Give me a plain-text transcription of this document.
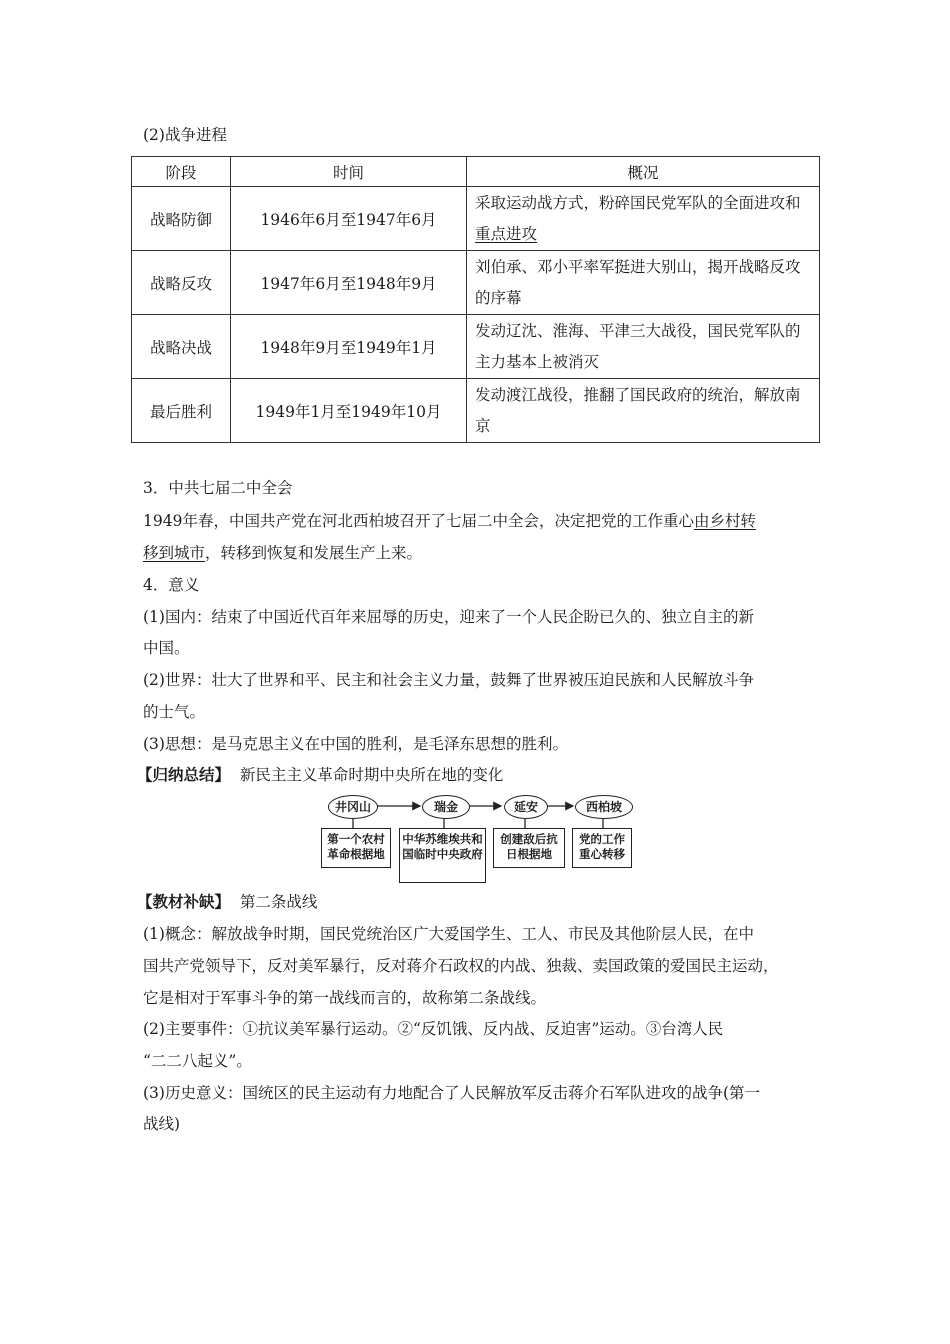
(2)战争进程
阶段	时间	概况
战略防御	1946年6月至1947年6月	采取运动战方式，粉碎国民党军队的全面进攻和重点进攻
战略反攻	1947年6月至1948年9月	刘伯承、邓小平率军挺进大别山，揭开战略反攻的序幕
战略决战	1948年9月至1949年1月	发动辽沈、淮海、平津三大战役，国民党军队的主力基本上被消灭
最后胜利	1949年1月至1949年10月	发动渡江战役，推翻了国民政府的统治，解放南京
3．中共七届二中全会
1949年春，中国共产党在河北西柏坡召开了七届二中全会，决定把党的工作重心由乡村转
移到城市，转移到恢复和发展生产上来。
4．意义
(1)国内：结束了中国近代百年来屈辱的历史，迎来了一个人民企盼已久的、独立自主的新
中国。
(2)世界：壮大了世界和平、民主和社会主义力量，鼓舞了世界被压迫民族和人民解放斗争
的士气。
(3)思想：是马克思主义在中国的胜利，是毛泽东思想的胜利。
【归纳总结】 新民主主义革命时期中央所在地的变化
井冈山	瑞金	延安	西柏坡
第一个农村革命根据地
中华苏维埃共和国临时中央政府
创建敌后抗日根据地
党的工作重心转移
【教材补缺】 第二条战线
(1)概念：解放战争时期，国民党统治区广大爱国学生、工人、市民及其他阶层人民，在中
国共产党领导下，反对美军暴行，反对蒋介石政权的内战、独裁、卖国政策的爱国民主运动，
它是相对于军事斗争的第一战线而言的，故称第二条战线。
(2)主要事件：①抗议美军暴行运动。②“反饥饿、反内战、反迫害”运动。③台湾人民
“二二八起义”。
(3)历史意义：国统区的民主运动有力地配合了人民解放军反击蒋介石军队进攻的战争(第一
战线)
